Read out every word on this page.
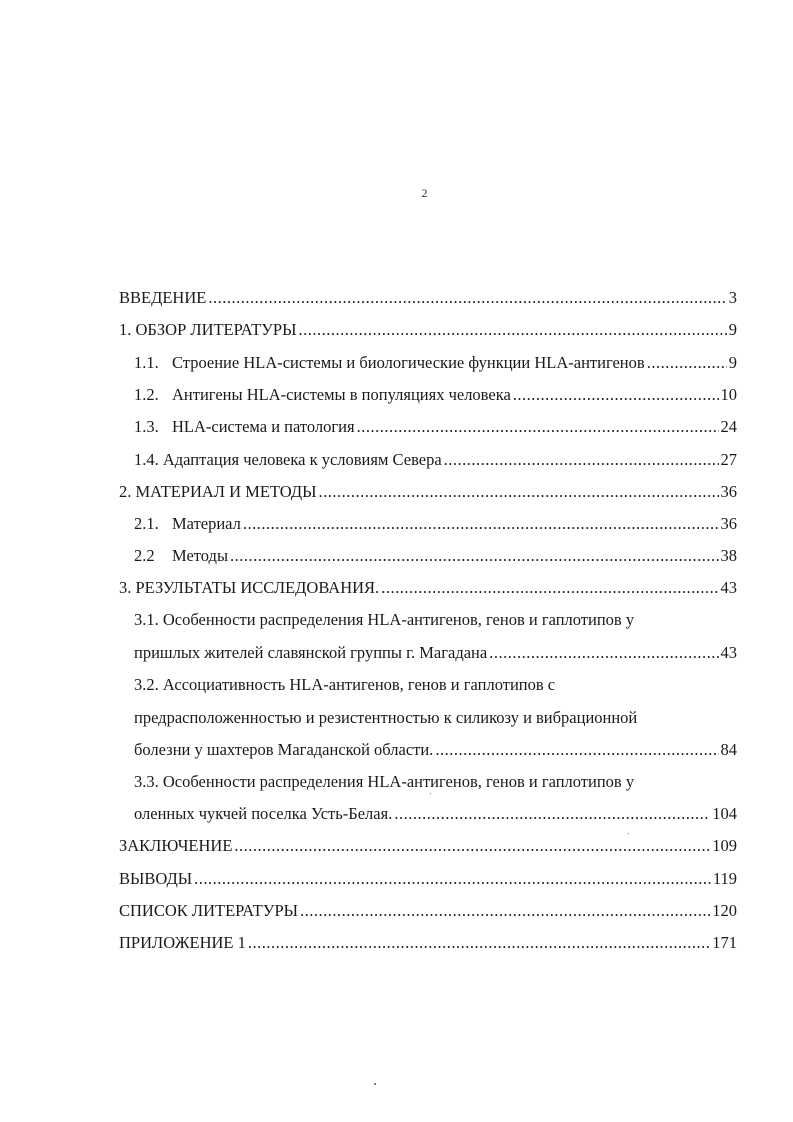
2
ВВЕДЕНИЕ .....	3
1. ОБЗОР ЛИТЕРАТУРЫ .....	9
1.1. Строение HLA-системы и биологические функции HLA-антигенов .....	9
1.2. Антигены HLA-системы в популяциях человека .....	10
1.3. HLA-система и патология .....	24
1.4. Адаптация человека к условиям Севера .....	27
2. МАТЕРИАЛ И МЕТОДЫ .....	36
2.1. Материал .....	36
2.2	Методы .....	38
3. РЕЗУЛЬТАТЫ ИССЛЕДОВАНИЯ. .....	43
3.1. Особенности распределения HLA-антигенов, генов и гаплотипов у
пришлых жителей славянской группы г. Магадана .....	43
3.2. Ассоциативность HLA-антигенов, генов и гаплотипов с
предрасположенностью и резистентностью к силикозу и вибрационной
болезни у шахтеров Магаданской области. .....	84
3.3. Особенности распределения HLA-антигенов, генов и гаплотипов у
оленных чукчей поселка Усть-Белая. .....	104
ЗАКЛЮЧЕНИЕ .....	109
ВЫВОДЫ .....	119
СПИСОК ЛИТЕРАТУРЫ .....	120
ПРИЛОЖЕНИЕ 1 .....	171
